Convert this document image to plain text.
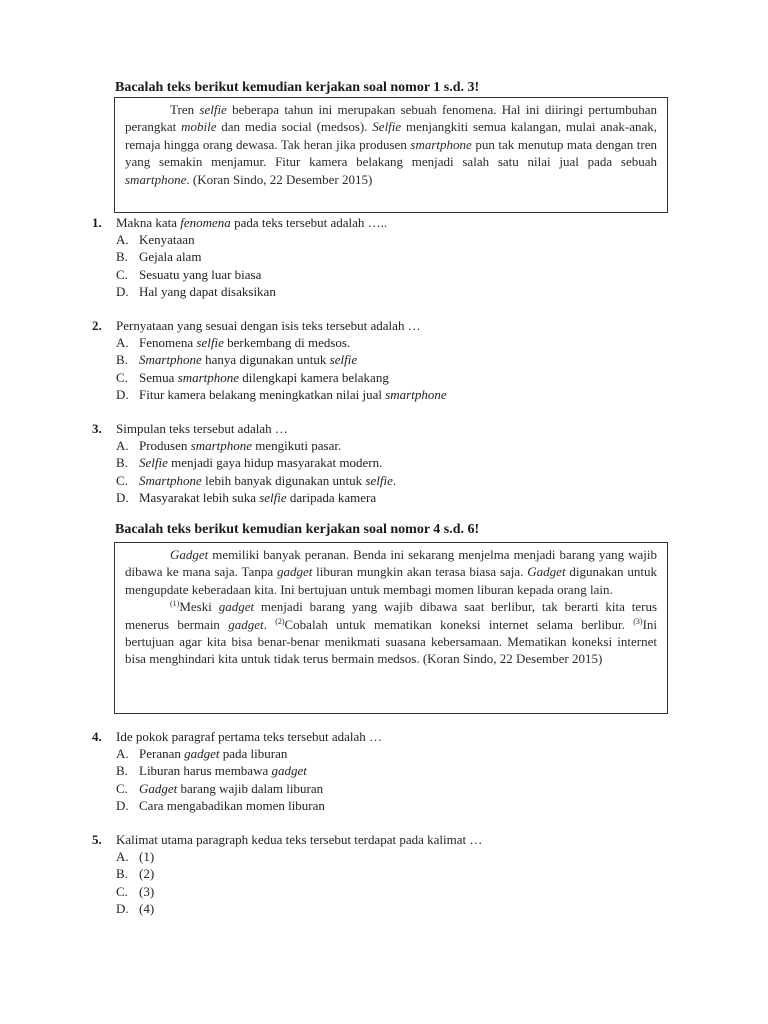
Bacalah teks berikut kemudian kerjakan soal nomor 1 s.d. 3!

Tren selfie beberapa tahun ini merupakan sebuah fenomena. Hal ini diiringi pertumbuhan perangkat mobile dan media social (medsos). Selfie menjangkiti semua kalangan, mulai anak-anak, remaja hingga orang dewasa. Tak heran jika produsen smartphone pun tak menutup mata dengan tren yang semakin menjamur. Fitur kamera belakang menjadi salah satu nilai jual pada sebuah smartphone. (Koran Sindo, 22 Desember 2015)

1. Makna kata fenomena pada teks tersebut adalah …..
A. Kenyataan
B. Gejala alam
C. Sesuatu yang luar biasa
D. Hal yang dapat disaksikan
2. Pernyataan yang sesuai dengan isis teks tersebut adalah …
A. Fenomena selfie berkembang di medsos.
B. Smartphone hanya digunakan untuk selfie
C. Semua smartphone dilengkapi kamera belakang
D. Fitur kamera belakang meningkatkan nilai jual smartphone
3. Simpulan teks tersebut adalah …
A. Produsen smartphone mengikuti pasar.
B. Selfie menjadi gaya hidup masyarakat modern.
C. Smartphone lebih banyak digunakan untuk selfie.
D. Masyarakat lebih suka selfie daripada kamera
Bacalah teks berikut kemudian kerjakan soal nomor 4 s.d. 6!

Gadget memiliki banyak peranan. Benda ini sekarang menjelma menjadi barang yang wajib dibawa ke mana saja. Tanpa gadget liburan mungkin akan terasa biasa saja. Gadget digunakan untuk mengupdate keberadaan kita. Ini bertujuan untuk membagi momen liburan kepada orang lain.

$^{(1)}$Meski gadget menjadi barang yang wajib dibawa saat berlibur, tak berarti kita terus menerus bermain gadget. $^{(2)}$Cobalah untuk mematikan koneksi internet selama berlibur. $^{(3)}$Ini bertujuan agar kita bisa benar-benar menikmati suasana kebersamaan. Mematikan koneksi internet bisa menghindari kita untuk tidak terus bermain medsos. (Koran Sindo, 22 Desember 2015)

4. Ide pokok paragraf pertama teks tersebut adalah …
A. Peranan gadget pada liburan
B. Liburan harus membawa gadget
C. Gadget barang wajib dalam liburan
D. Cara mengabadikan momen liburan
5. Kalimat utama paragraph kedua teks tersebut terdapat pada kalimat …
A. (1)
B. (2)
C. (3)
D. (4)
